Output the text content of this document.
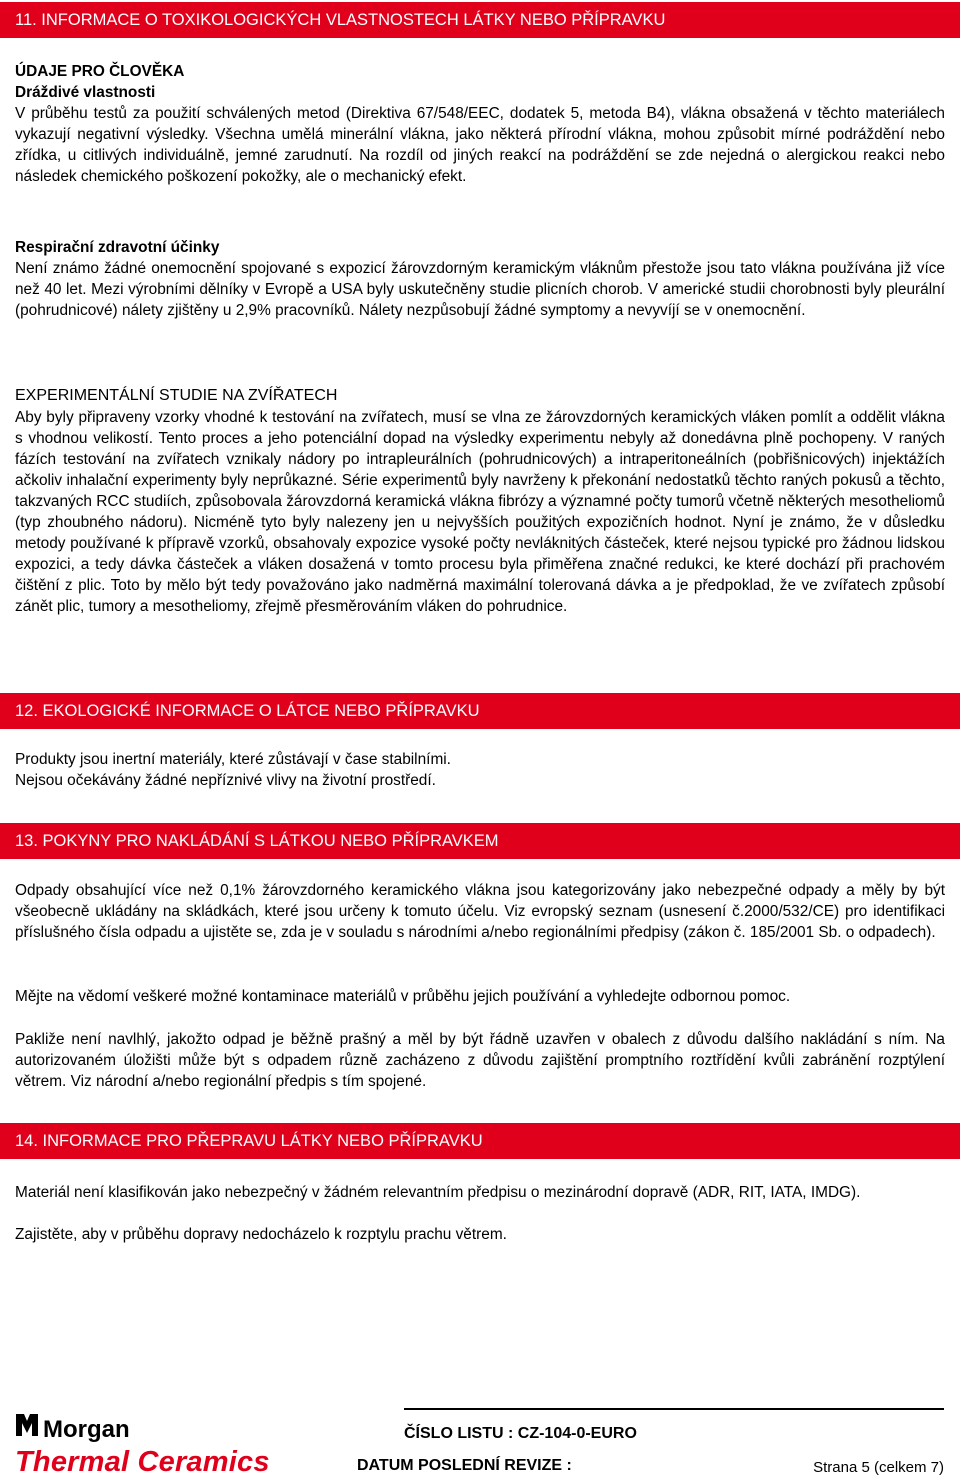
11. INFORMACE O TOXIKOLOGICKÝCH VLASTNOSTECH LÁTKY NEBO PŘÍPRAVKU
ÚDAJE PRO ČLOVĚKA
Dráždivé vlastnosti
V průběhu testů za použití schválených metod (Direktiva 67/548/EEC, dodatek 5, metoda B4), vlákna obsažená v těchto materiálech vykazují negativní výsledky. Všechna umělá minerální vlákna, jako některá přírodní vlákna, mohou způsobit mírné podráždění nebo zřídka, u citlivých individuálně, jemné zarudnutí. Na rozdíl od jiných reakcí na podráždění se zde nejedná o alergickou reakci nebo následek chemického poškození pokožky, ale o mechanický efekt.
Respirační zdravotní účinky
Není známo žádné onemocnění spojované s expozicí žárovzdorným keramickým vláknům přestože jsou tato vlákna používána již více než 40 let. Mezi výrobními dělníky v Evropě a USA byly uskutečněny studie plicních chorob. V americké studii chorobnosti byly pleurální (pohrudnicové) nálety zjištěny u 2,9% pracovníků. Nálety nezpůsobují žádné symptomy a nevyvíjí se v onemocnění.
EXPERIMENTÁLNÍ STUDIE NA ZVÍŘATECH
Aby byly připraveny vzorky vhodné k testování na zvířatech, musí se vlna ze žárovzdorných keramických vláken pomlít a oddělit vlákna s vhodnou velikostí. Tento proces a jeho potenciální dopad na výsledky experimentu nebyly až donedávna plně pochopeny. V raných fázích testování na zvířatech vznikaly nádory po intrapleurálních (pohrudnicových) a intraperitoneálních (pobřišnicových) injektážích ačkoliv inhalační experimenty byly neprůkazné. Série experimentů byly navrženy k překonání nedostatků těchto raných pokusů a těchto, takzvaných RCC studiích, způsobovala žárovzdorná keramická vlákna fibrózy a významné počty tumorů včetně některých mesotheliomů (typ zhoubného nádoru). Nicméně tyto byly nalezeny jen u nejvyšších použitých expozičních hodnot. Nyní je známo, že v důsledku metody používané k přípravě vzorků, obsahovaly expozice vysoké počty nevláknitých částeček, které nejsou typické pro žádnou lidskou expozici, a tedy dávka částeček a vláken dosažená v tomto procesu byla přiměřena značné redukci, ke které dochází při prachovém čištění z plic. Toto by mělo být tedy považováno jako nadměrná maximální tolerovaná dávka a je předpoklad, že ve zvířatech způsobí zánět plic, tumory a mesotheliomy, zřejmě přesměrováním vláken do pohrudnice.
12. EKOLOGICKÉ INFORMACE O LÁTCE NEBO PŘÍPRAVKU
Produkty jsou inertní materiály, které zůstávají v čase stabilními.
Nejsou očekávány žádné nepříznivé vlivy na životní prostředí.
13. POKYNY PRO NAKLÁDÁNÍ S LÁTKOU NEBO PŘÍPRAVKEM
Odpady obsahující více než 0,1% žárovzdorného keramického vlákna jsou kategorizovány jako nebezpečné odpady a měly by být všeobecně ukládány na skládkách, které jsou určeny k tomuto účelu. Viz evropský seznam (usnesení č.2000/532/CE) pro identifikaci příslušného čísla odpadu a ujistěte se, zda je v souladu s národními a/nebo regionálními předpisy (zákon č. 185/2001 Sb. o odpadech).
Mějte na vědomí veškeré možné kontaminace materiálů v průběhu jejich používání a vyhledejte odbornou pomoc.
Pakliže není navlhlý, jakožto odpad je běžně prašný a měl by být řádně uzavřen v obalech z důvodu dalšího nakládání s ním. Na autorizovaném úložišti může být s odpadem různě zacházeno z důvodu zajištění promptního roztřídění kvůli zabránění rozptýlení větrem. Viz národní a/nebo regionální předpis s tím spojené.
14. INFORMACE PRO PŘEPRAVU LÁTKY NEBO PŘÍPRAVKU
Materiál není klasifikován jako nebezpečný v žádném relevantním předpisu o mezinárodní dopravě (ADR, RIT, IATA, IMDG).
Zajistěte, aby v průběhu dopravy nedocházelo k rozptylu prachu větrem.
Morgan
Thermal Ceramics
ČÍSLO LISTU : CZ-104-0-EURO
DATUM POSLEDNÍ REVIZE :	Strana 5 (celkem 7)
